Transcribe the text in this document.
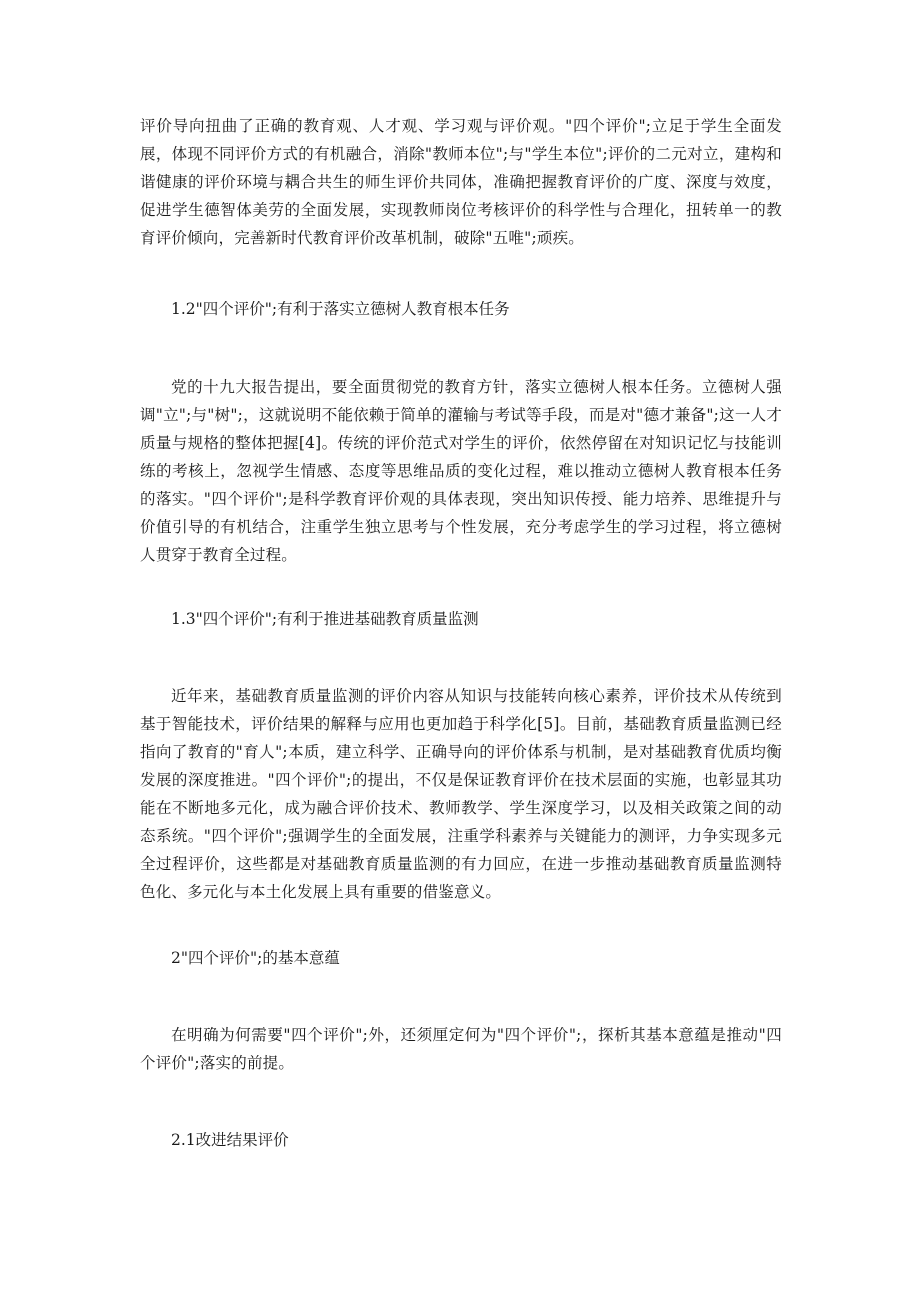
评价导向扭曲了正确的教育观、人才观、学习观与评价观。"四个评价";立足于学生全面发展，体现不同评价方式的有机融合，消除"教师本位";与"学生本位";评价的二元对立，建构和谐健康的评价环境与耦合共生的师生评价共同体，准确把握教育评价的广度、深度与效度，促进学生德智体美劳的全面发展，实现教师岗位考核评价的科学性与合理化，扭转单一的教育评价倾向，完善新时代教育评价改革机制，破除"五唯";顽疾。

1.2"四个评价";有利于落实立德树人教育根本任务

党的十九大报告提出，要全面贯彻党的教育方针，落实立德树人根本任务。立德树人强调"立";与"树";，这就说明不能依赖于简单的灌输与考试等手段，而是对"德才兼备";这一人才质量与规格的整体把握[4]。传统的评价范式对学生的评价，依然停留在对知识记忆与技能训练的考核上，忽视学生情感、态度等思维品质的变化过程，难以推动立德树人教育根本任务的落实。"四个评价";是科学教育评价观的具体表现，突出知识传授、能力培养、思维提升与价值引导的有机结合，注重学生独立思考与个性发展，充分考虑学生的学习过程，将立德树人贯穿于教育全过程。

1.3"四个评价";有利于推进基础教育质量监测

近年来，基础教育质量监测的评价内容从知识与技能转向核心素养，评价技术从传统到基于智能技术，评价结果的解释与应用也更加趋于科学化[5]。目前，基础教育质量监测已经指向了教育的"育人";本质，建立科学、正确导向的评价体系与机制，是对基础教育优质均衡发展的深度推进。"四个评价";的提出，不仅是保证教育评价在技术层面的实施，也彰显其功能在不断地多元化，成为融合评价技术、教师教学、学生深度学习，以及相关政策之间的动态系统。"四个评价";强调学生的全面发展，注重学科素养与关键能力的测评，力争实现多元全过程评价，这些都是对基础教育质量监测的有力回应，在进一步推动基础教育质量监测特色化、多元化与本土化发展上具有重要的借鉴意义。

2"四个评价";的基本意蕴

在明确为何需要"四个评价";外，还须厘定何为"四个评价";，探析其基本意蕴是推动"四个评价";落实的前提。

2.1改进结果评价
